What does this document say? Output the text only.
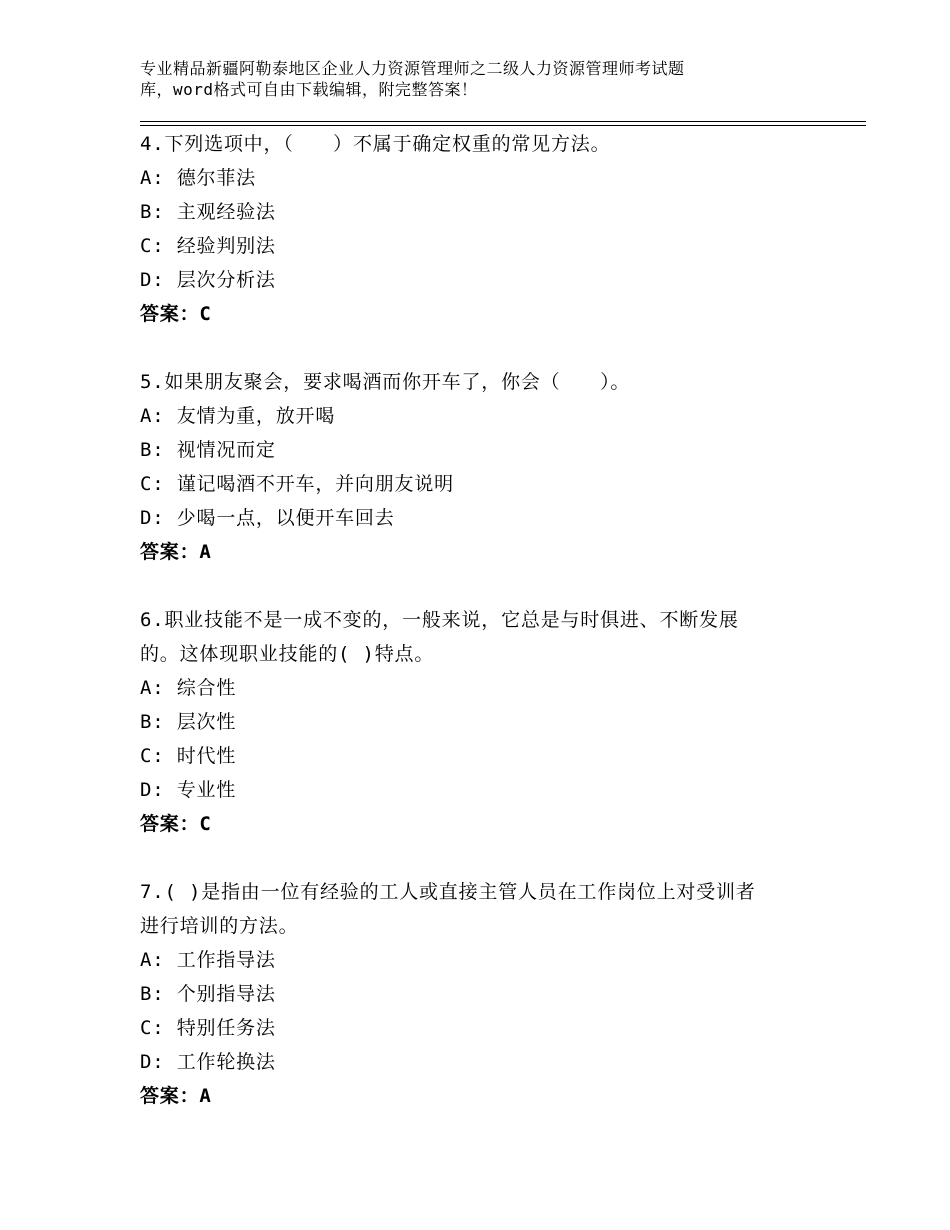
专业精品新疆阿勒泰地区企业人力资源管理师之二级人力资源管理师考试题
库，word格式可自由下载编辑，附完整答案！
4.下列选项中，（　　）不属于确定权重的常见方法。
A: 德尔菲法
B: 主观经验法
C: 经验判别法
D: 层次分析法
答案：C
5.如果朋友聚会，要求喝酒而你开车了，你会（　　）。
A: 友情为重，放开喝
B: 视情况而定
C: 谨记喝酒不开车，并向朋友说明
D: 少喝一点，以便开车回去
答案：A
6.职业技能不是一成不变的，一般来说，它总是与时俱进、不断发展
的。这体现职业技能的( )特点。
A: 综合性
B: 层次性
C: 时代性
D: 专业性
答案：C
7.( )是指由一位有经验的工人或直接主管人员在工作岗位上对受训者
进行培训的方法。
A: 工作指导法
B: 个别指导法
C: 特别任务法
D: 工作轮换法
答案：A
